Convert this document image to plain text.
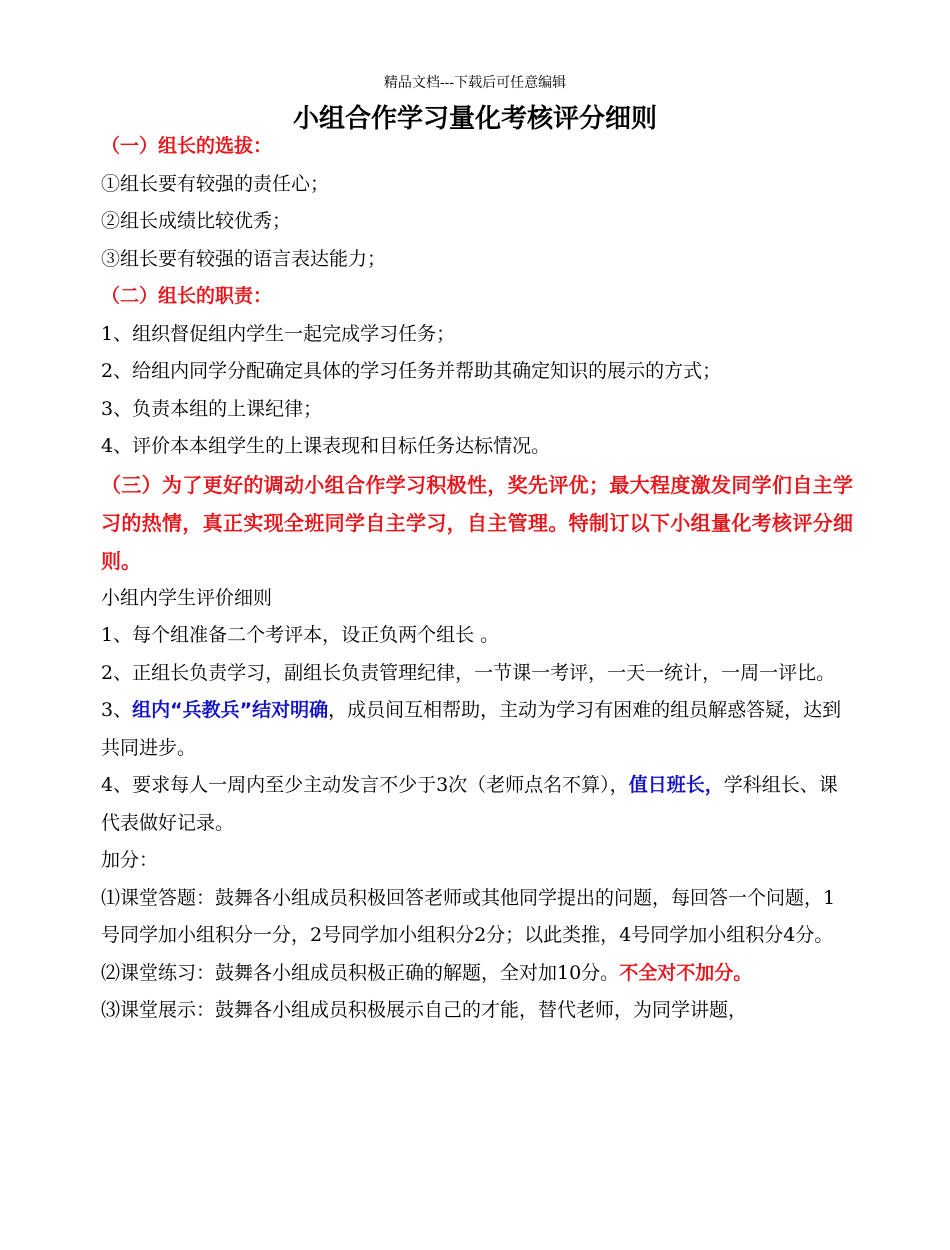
精品文档---下载后可任意编辑
小组合作学习量化考核评分细则
（一）组长的选拔：
①组长要有较强的责任心；
②组长成绩比较优秀；
③组长要有较强的语言表达能力；
（二）组长的职责：
1、组织督促组内学生一起完成学习任务；
2、给组内同学分配确定具体的学习任务并帮助其确定知识的展示的方式；
3、负责本组的上课纪律；
4、评价本本组学生的上课表现和目标任务达标情况。
（三）为了更好的调动小组合作学习积极性，奖先评优；最大程度激发同学们自主学习的热情，真正实现全班同学自主学习，自主管理。特制订以下小组量化考核评分细则。
小组内学生评价细则
1、每个组准备二个考评本，设正负两个组长 。
2、正组长负责学习，副组长负责管理纪律，一节课一考评，一天一统计，一周一评比。
3、组内“兵教兵”结对明确，成员间互相帮助，主动为学习有困难的组员解惑答疑，达到共同进步。
4、要求每人一周内至少主动发言不少于3次（老师点名不算），值日班长，学科组长、课代表做好记录。
加分：
⑴课堂答题：鼓舞各小组成员积极回答老师或其他同学提出的问题，每回答一个问题，1号同学加小组积分一分，2号同学加小组积分2分；以此类推，4号同学加小组积分4分。
⑵课堂练习：鼓舞各小组成员积极正确的解题，全对加10分。不全对不加分。
⑶课堂展示：鼓舞各小组成员积极展示自己的才能，替代老师，为同学讲题，
